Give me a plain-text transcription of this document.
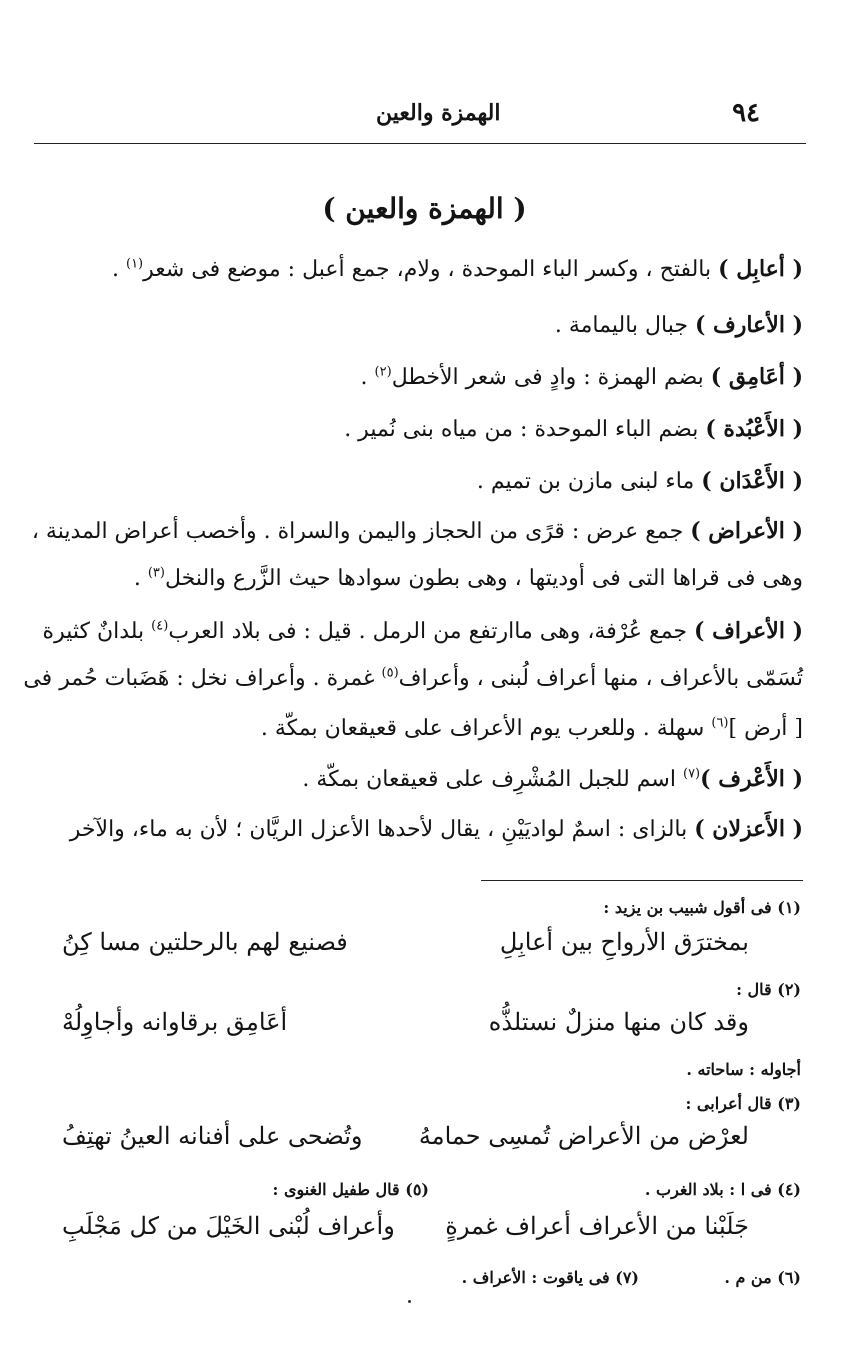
٩٤
الهمزة والعين
( الهمزة والعين )
( أعابِل ) بالفتح ، وكسر الباء الموحدة ، ولام، جمع أعبل : موضع فى شعر$^{(١)}$ .
( الأعارف ) جبال باليمامة .
( أعَامِق ) بضم الهمزة : وادٍ فى شعر الأخطل$^{(٢)}$ .
( الأَعْبُدة ) بضم الباء الموحدة : من مياه بنى نُمير .
( الأَعْدَان ) ماء لبنى مازن بن تميم .
( الأعراض ) جمع عرض : قرًى من الحجاز واليمن والسراة . وأخصب أعراض المدينة ،
وهى فى قراها التى فى أوديتها ، وهى بطون سوادها حيث الزَّرع والنخل$^{(٣)}$ .
( الأعراف ) جمع عُرْفة، وهى ماارتفع من الرمل . قيل : فى بلاد العرب$^{(٤)}$ بلدانٌ كثيرة
تُسَمّى بالأعراف ، منها أعراف لُبنى ، وأعراف$^{(٥)}$ غمرة . وأعراف نخل : هَضَبات حُمر فى
[ أرض ]$^{(٦)}$ سهلة . وللعرب يوم الأعراف على قعيقعان بمكّة .
( الأَعْرف )$^{(٧)}$ اسم للجبل المُشْرِف على قعيقعان بمكّة .
( الأَعزلان ) بالزاى : اسمٌ لواديَيْنِ ، يقال لأحدها الأعزل الريَّان ؛ لأن به ماء، والآخر
(١) فى أقول شبيب بن يزيد :
بمخترَق الأرواحِ بين أعابِلِ
فصنيع لهم بالرحلتين مسا كِنُ
(٢) قال :
وقد كان منها منزلٌ نستلذُّه
أعَامِق برقاوانه وأجاوِلُهْ
أجاوله : ساحاته .
(٣) قال أعرابى :
لعرْض من الأعراض تُمسِى حمامهُ
وتُضحى على أفنانه العينُ تهتِفُ
(٤) فى ا : بلاد الغرب .
(٥) قال طفيل الغنوى :
جَلَبْنا من الأعراف أعراف غمرةٍ
وأعراف لُبْنى الخَيْلَ من كل مَجْلَبِ
(٦) من م .
(٧) فى ياقوت : الأعراف .
